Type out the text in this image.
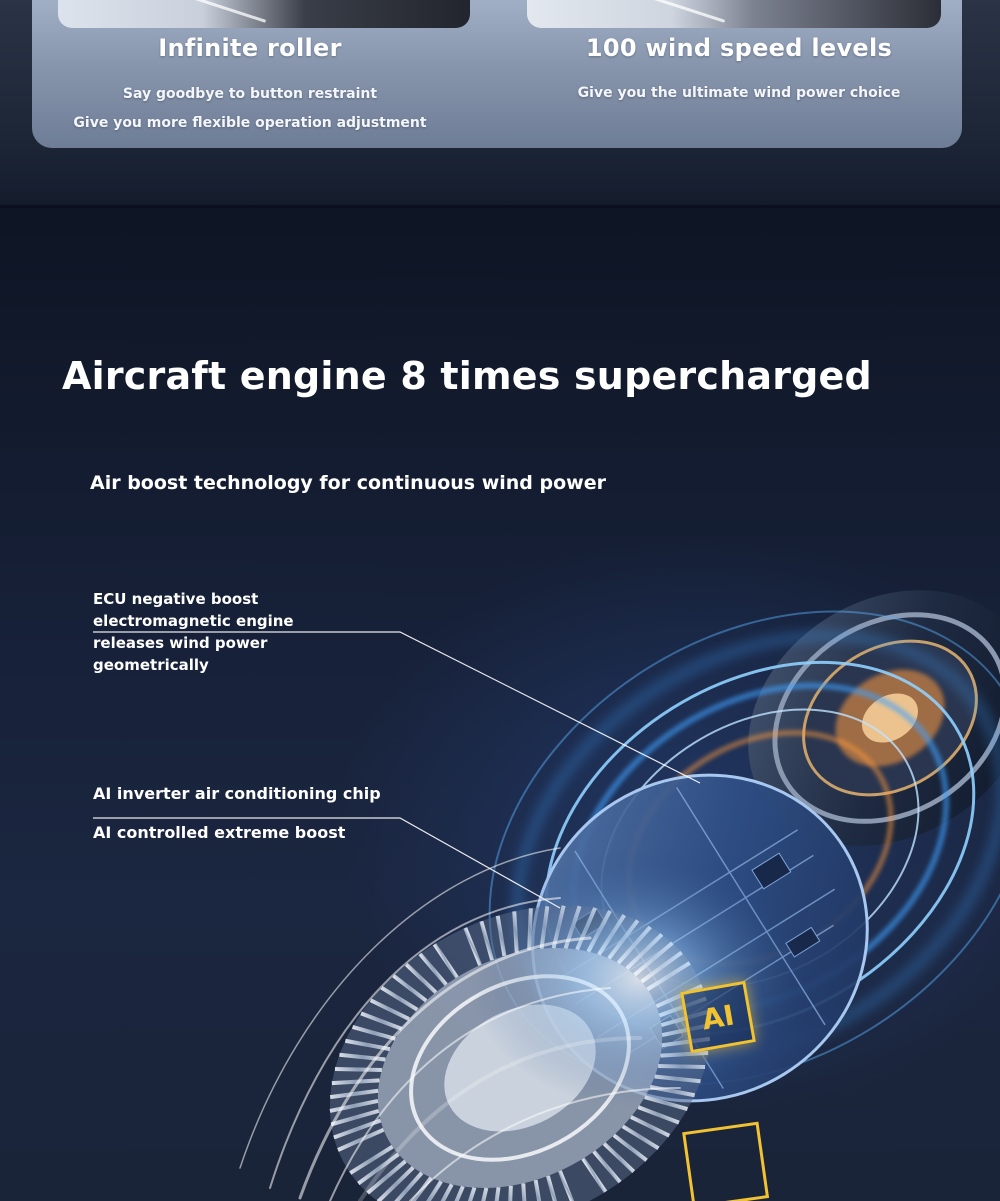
Infinite roller
Say goodbye to button restraint
Give you more flexible operation adjustment
100 wind speed levels
Give you the ultimate wind power choice
AI
Aircraft engine 8 times supercharged
Air boost technology for continuous wind power
ECU negative boost
electromagnetic engine
releases wind power
geometrically
AI inverter air conditioning chip
AI controlled extreme boost
